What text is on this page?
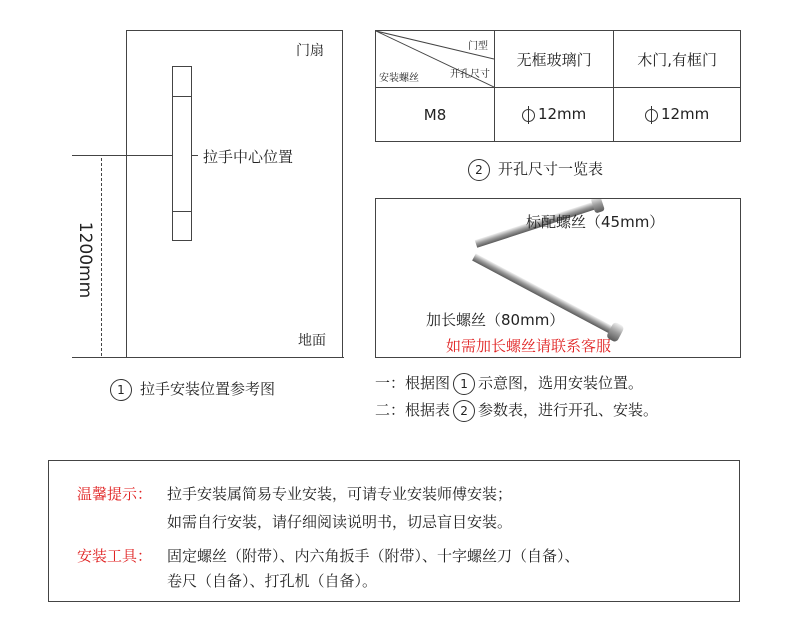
门扇
拉手中心位置
1200mm
地面
1 拉手安装位置参考图
门型
开孔尺寸
安装螺丝	无框玻璃门	木门,有框门
M8	12mm	12mm
2 开孔尺寸一览表
标配螺丝（45mm）
加长螺丝（80mm）
如需加长螺丝请联系客服
一：根据图 1 示意图，选用安装位置。
二：根据表 2 参数表，进行开孔、安装。
温馨提示： 拉手安装属简易专业安装，可请专业安装师傅安装；
如需自行安装，请仔细阅读说明书，切忌盲目安装。
安装工具： 固定螺丝（附带）、内六角扳手（附带）、十字螺丝刀（自备）、
卷尺（自备）、打孔机（自备）。
